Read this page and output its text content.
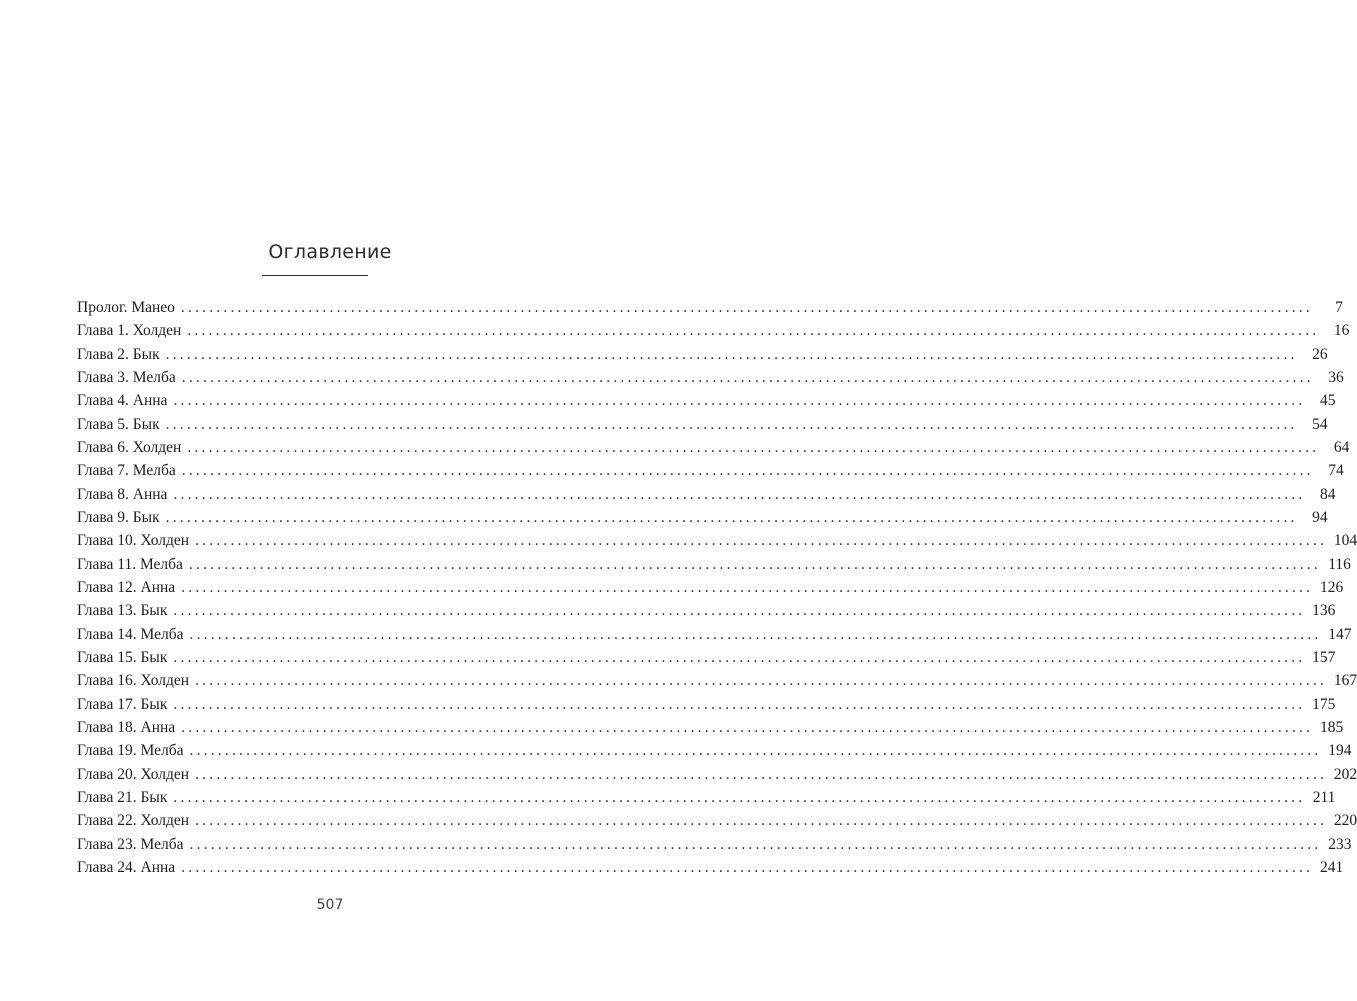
Оглавление
Пролог. Манео ................................................................................................................................................................	7
Глава 1. Холден ................................................................................................................................................................ 16
Глава 2. Бык ................................................................................................................................................................ 26
Глава 3. Мелба ................................................................................................................................................................ 36
Глава 4. Анна ................................................................................................................................................................ 45
Глава 5. Бык ................................................................................................................................................................ 54
Глава 6. Холден ................................................................................................................................................................ 64
Глава 7. Мелба ................................................................................................................................................................ 74
Глава 8. Анна ................................................................................................................................................................ 84
Глава 9. Бык ................................................................................................................................................................ 94
Глава 10. Холден ................................................................................................................................................................ 104
Глава 11. Мелба ................................................................................................................................................................ 116
Глава 12. Анна ................................................................................................................................................................ 126
Глава 13. Бык ................................................................................................................................................................ 136
Глава 14. Мелба ................................................................................................................................................................ 147
Глава 15. Бык ................................................................................................................................................................ 157
Глава 16. Холден ................................................................................................................................................................ 167
Глава 17. Бык ................................................................................................................................................................ 175
Глава 18. Анна ................................................................................................................................................................ 185
Глава 19. Мелба ................................................................................................................................................................ 194
Глава 20. Холден ................................................................................................................................................................ 202
Глава 21. Бык ................................................................................................................................................................ 211
Глава 22. Холден ................................................................................................................................................................ 220
Глава 23. Мелба ................................................................................................................................................................ 233
Глава 24. Анна ................................................................................................................................................................ 241
507
